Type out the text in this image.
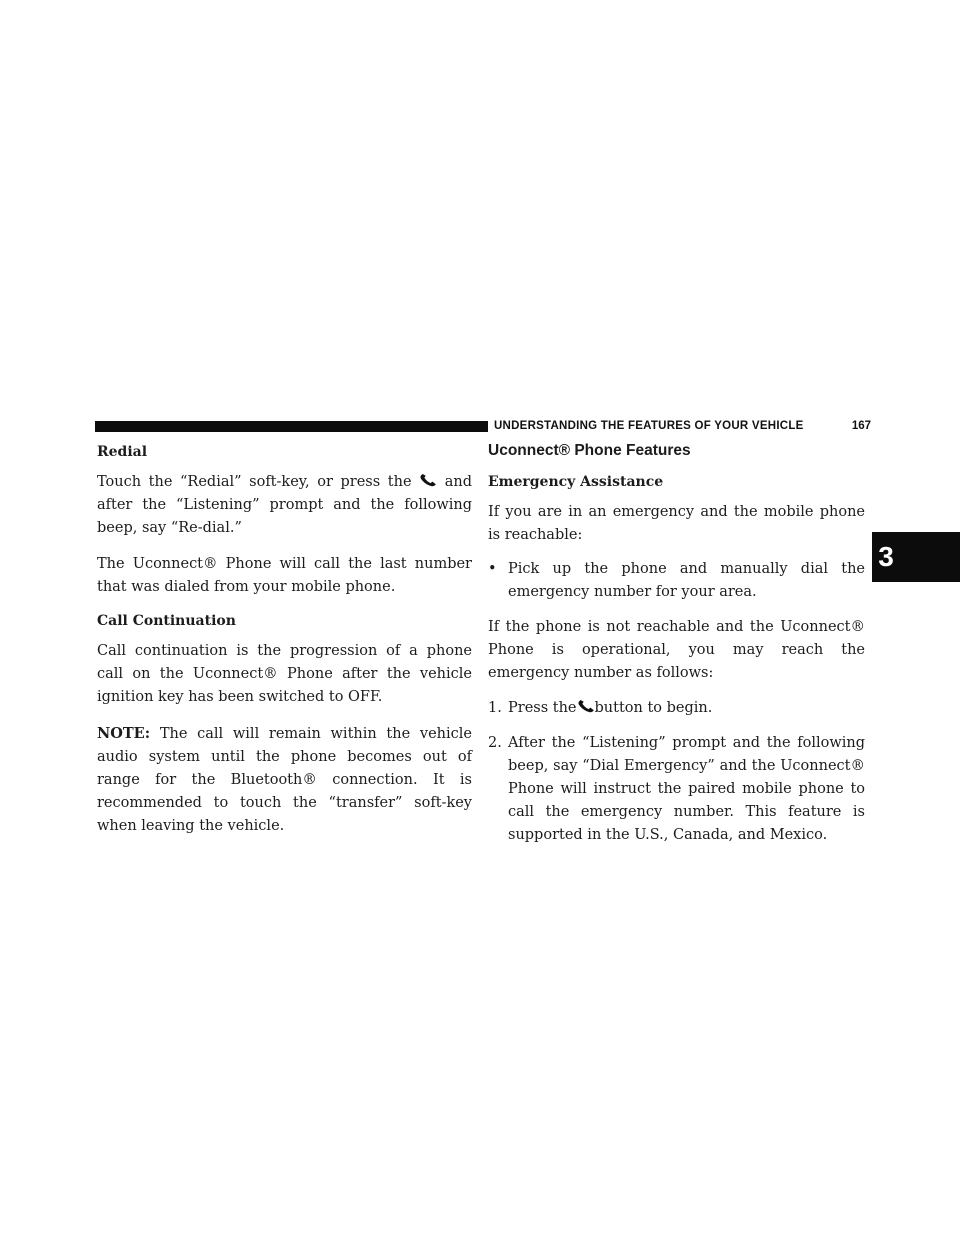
UNDERSTANDING THE FEATURES OF YOUR VEHICLE	167
3
Redial

Touch the “Redial” soft-key, or press the and after the “Listening” prompt and the following beep, say “Re-dial.”

The Uconnect® Phone will call the last number that was dialed from your mobile phone.

Call Continuation

Call continuation is the progression of a phone call on the Uconnect® Phone after the vehicle ignition key has been switched to OFF.

NOTE: The call will remain within the vehicle audio system until the phone becomes out of range for the Bluetooth® connection. It is recommended to touch the “transfer” soft-key when leaving the vehicle.

Uconnect® Phone Features
Emergency Assistance

If you are in an emergency and the mobile phone is reachable:

• Pick up the phone and manually dial the emergency number for your area.

If the phone is not reachable and the Uconnect® Phone is operational, you may reach the emergency number as follows:

1. Press the button to begin.
2. After the “Listening” prompt and the following beep, say “Dial Emergency” and the Uconnect® Phone will instruct the paired mobile phone to call the emergency number. This feature is supported in the U.S., Canada, and Mexico.
